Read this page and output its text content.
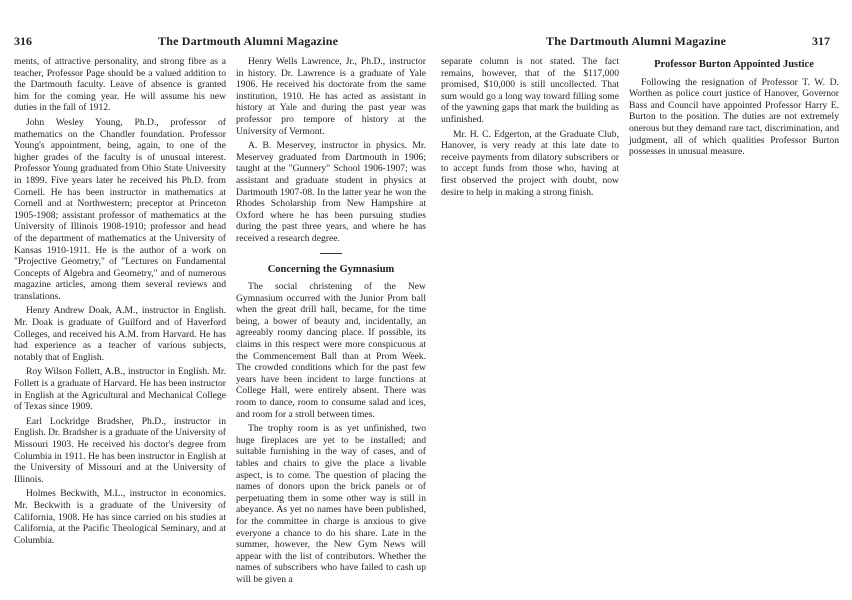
316	The Dartmouth Alumni Magazine

ments, of attractive personality, and strong fibre as a teacher, Professor Page should be a valued addition to the Dartmouth faculty. Leave of absence is granted him for the coming year. He will assume his new duties in the fall of 1912.

John Wesley Young, Ph.D., professor of mathematics on the Chandler foundation. Professor Young's appointment, being, again, to one of the higher grades of the faculty is of unusual interest. Professor Young graduated from Ohio State University in 1899. Five years later he received his Ph.D. from Cornell. He has been instructor in mathematics at Cornell and at Northwestern; preceptor at Princeton 1905-1908; assistant professor of mathematics at the University of Illinois 1908-1910; professor and head of the department of mathematics at the University of Kansas 1910-1911. He is the author of a work on "Projective Geometry," of "Lectures on Fundamental Concepts of Algebra and Geometry," and of numerous magazine articles, among them several reviews and translations.

Henry Andrew Doak, A.M., instructor in English. Mr. Doak is graduate of Guilford and of Haverford Colleges, and received his A.M. from Harvard. He has had experience as a teacher of various subjects, notably that of English.

Roy Wilson Follett, A.B., instructor in English. Mr. Follett is a graduate of Harvard. He has been instructor in English at the Agricultural and Mechanical College of Texas since 1909.

Earl Lockridge Bradsher, Ph.D., instructor in English. Dr. Bradsher is a graduate of the University of Missouri 1903. He received his doctor's degree from Columbia in 1911. He has been instructor in English at the University of Missouri and at the University of Illinois.

Holmes Beckwith, M.L., instructor in economics. Mr. Beckwith is a graduate of the University of California, 1908. He has since carried on his studies at California, at the Pacific Theological Seminary, and at Columbia.

Henry Wells Lawrence, Jr., Ph.D., instructor in history. Dr. Lawrence is a graduate of Yale 1906. He received his doctorate from the same institution, 1910. He has acted as assistant in history at Yale and during the past year was professor pro tempore of history at the University of Vermont.

A. B. Meservey, instructor in physics. Mr. Meservey graduated from Dartmouth in 1906; taught at the "Gunnery" School 1906-1907; was assistant and graduate student in physics at Dartmouth 1907-08. In the latter year he won the Rhodes Scholarship from New Hampshire at Oxford where he has been pursuing studies during the past three years, and where he has received a research degree.

Concerning the Gymnasium

The social christening of the New Gymnasium occurred with the Junior Prom ball when the great drill hall, became, for the time being, a bower of beauty and, incidentally, an agreeably roomy dancing place. If possible, its claims in this respect were more conspicuous at the Commencement Ball than at Prom Week. The crowded conditions which for the past few years have been incident to large functions at College Hall, were entirely absent. There was room to dance, room to consume salad and ices, and room for a stroll between times.

The trophy room is as yet unfinished, two huge fireplaces are yet to be installed; and suitable furnishing in the way of cases, and of tables and chairs to give the place a livable aspect, is to come. The question of placing the names of donors upon the brick panels or of perpetuating them in some other way is still in abeyance. As yet no names have been published, for the committee in charge is anxious to give everyone a chance to do his share. Late in the summer, however, the New Gym News will appear with the list of contributors. Whether the names of subscribers who have failed to cash up will be given a

The Dartmouth Alumni Magazine	317

separate column is not stated. The fact remains, however, that of the $117,000 promised, $10,000 is still uncollected. That sum would go a long way toward filling some of the yawning gaps that mark the building as unfinished.

Mr. H. C. Edgerton, at the Graduate Club, Hanover, is very ready at this late date to receive payments from dilatory subscribers or to accept funds from those who, having at first observed the project with doubt, now desire to help in making a strong finish.

Professor Burton Appointed Justice

Following the resignation of Professor T. W. D. Worthen as police court justice of Hanover, Governor Bass and Council have appointed Professor Harry E. Burton to the position. The duties are not extremely onerous but they demand rare tact, discrimination, and judgment, all of which qualities Professor Burton possesses in unusual measure.
